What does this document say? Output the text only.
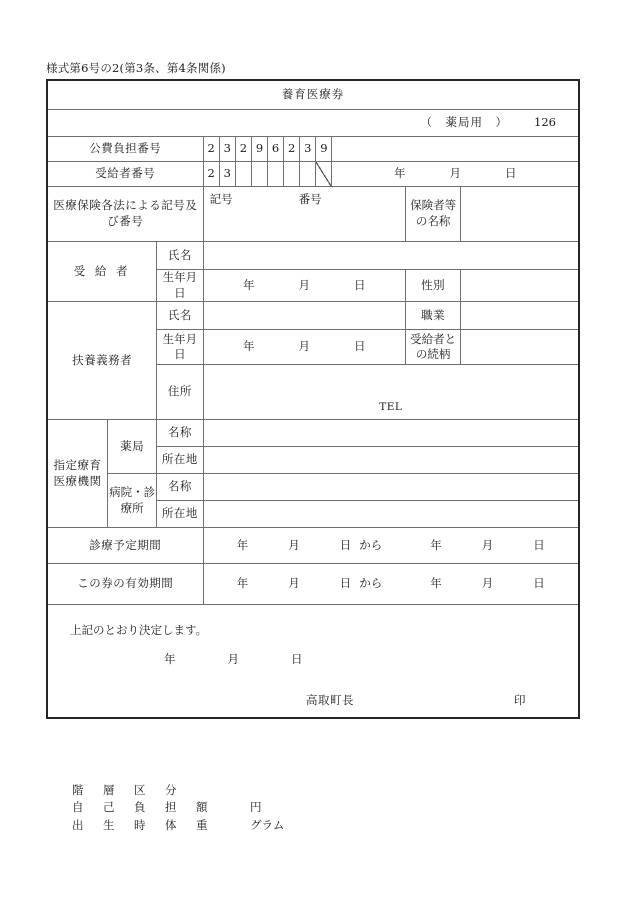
様式第6号の2(第3条、第4条関係)
養育医療券													
（　薬局用　） 126													
公費負担番号			2	3	2	9	6	2	3	9			
受給者番号			2	3							年 月 日		
医療保険各法による記号及び番号			記号 番号									保険者等の名称	
受 給 者		氏名											
		生年月日	年 月 日									性別	
扶養義務者		氏名										職業	
		生年月日	年 月 日									受給者との続柄	
		住所	TEL										

指定療育医療機関	薬局	名称											
		所在地											
	病院・診療所	名称											
		所在地											
診療予定期間			年 月 日 から 年 月 日										
この券の有効期間			年 月 日 から 年 月 日										

上記のとおり決定します。
年 月 日
高取町長 印													
階　層　区　分
自　己　負　担　額	円
出　生　時　体　重	グラム
